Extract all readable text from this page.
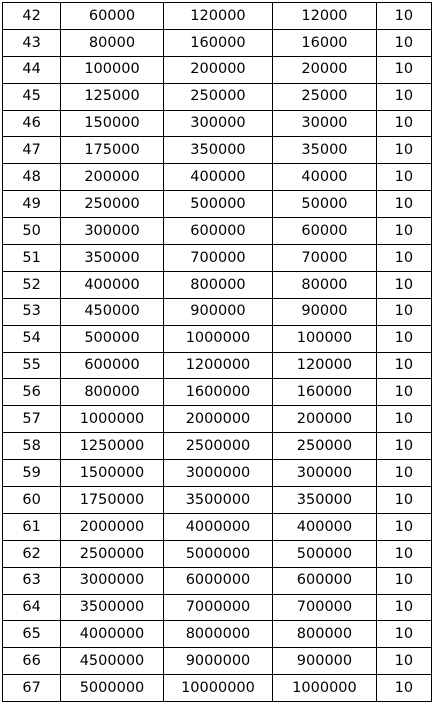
42	60000	120000	12000	10
43	80000	160000	16000	10
44	100000	200000	20000	10
45	125000	250000	25000	10
46	150000	300000	30000	10
47	175000	350000	35000	10
48	200000	400000	40000	10
49	250000	500000	50000	10
50	300000	600000	60000	10
51	350000	700000	70000	10
52	400000	800000	80000	10
53	450000	900000	90000	10
54	500000	1000000	100000	10
55	600000	1200000	120000	10
56	800000	1600000	160000	10
57	1000000	2000000	200000	10
58	1250000	2500000	250000	10
59	1500000	3000000	300000	10
60	1750000	3500000	350000	10
61	2000000	4000000	400000	10
62	2500000	5000000	500000	10
63	3000000	6000000	600000	10
64	3500000	7000000	700000	10
65	4000000	8000000	800000	10
66	4500000	9000000	900000	10
67	5000000	10000000	1000000	10
